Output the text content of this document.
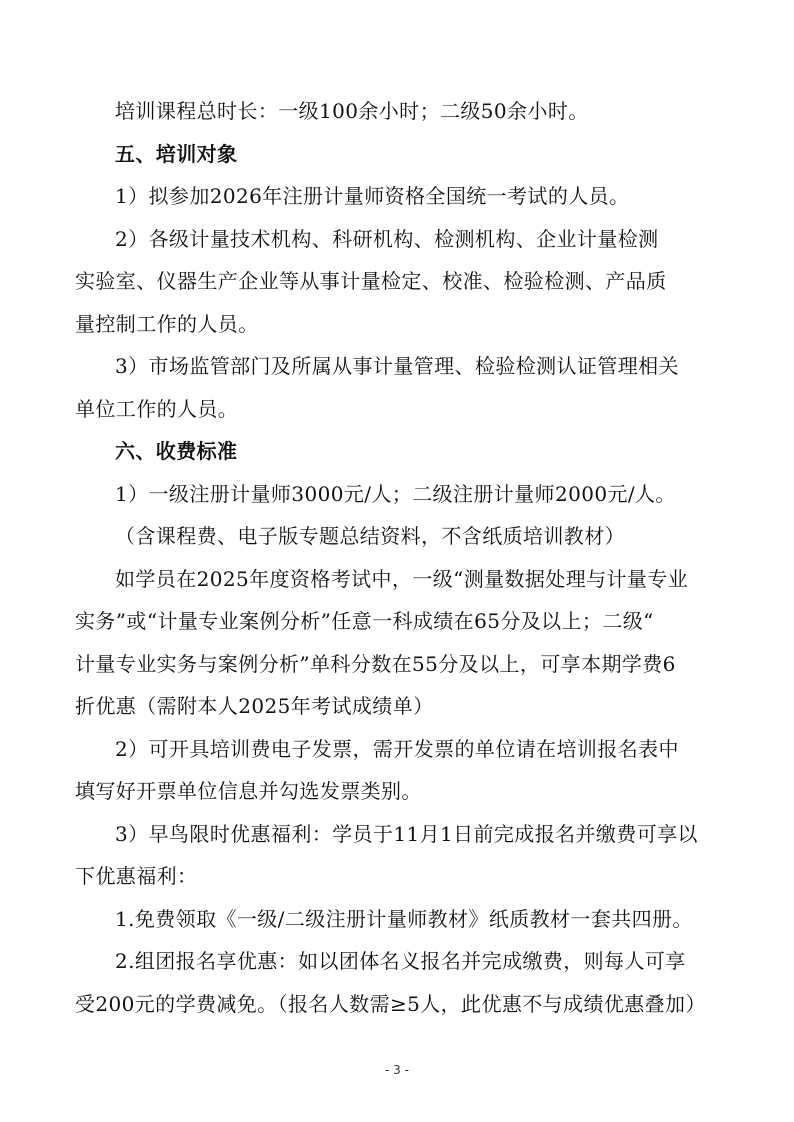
培训课程总时长：一级100余小时；二级50余小时。
五、培训对象
1）拟参加2026年注册计量师资格全国统一考试的人员。
2）各级计量技术机构、科研机构、检测机构、企业计量检测
实验室、仪器生产企业等从事计量检定、校准、检验检测、产品质
量控制工作的人员。
3）市场监管部门及所属从事计量管理、检验检测认证管理相关
单位工作的人员。
六、收费标准
1）一级注册计量师3000元/人；二级注册计量师2000元/人。
（含课程费、电子版专题总结资料，不含纸质培训教材）
如学员在2025年度资格考试中，一级“测量数据处理与计量专业
实务”或“计量专业案例分析”任意一科成绩在65分及以上；二级“
计量专业实务与案例分析”单科分数在55分及以上，可享本期学费6
折优惠（需附本人2025年考试成绩单）
2）可开具培训费电子发票，需开发票的单位请在培训报名表中
填写好开票单位信息并勾选发票类别。
3）早鸟限时优惠福利：学员于11月1日前完成报名并缴费可享以
下优惠福利：
1.免费领取《一级/二级注册计量师教材》纸质教材一套共四册。
2.组团报名享优惠：如以团体名义报名并完成缴费，则每人可享
受200元的学费减免。（报名人数需≥5人，此优惠不与成绩优惠叠加）
- 3 -
